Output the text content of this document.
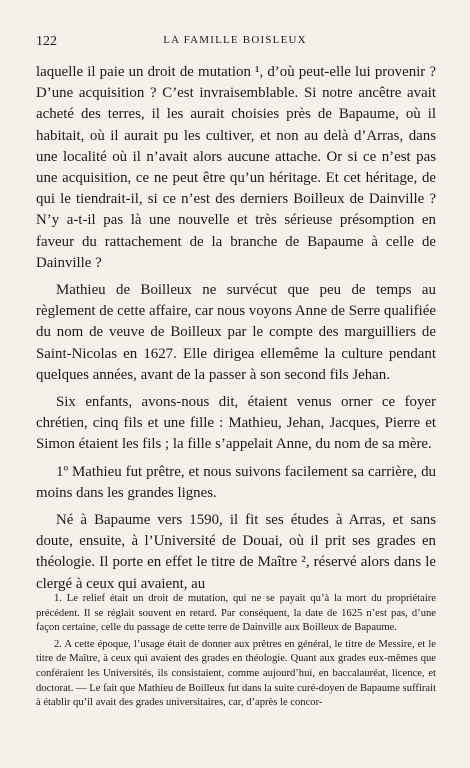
122	LA FAMILLE BOISLEUX

laquelle il paie un droit de mutation ¹, d’où peut-elle lui provenir ? D’une acquisition ? C’est invraisemblable. Si notre ancêtre avait acheté des terres, il les aurait choisies près de Bapaume, où il habitait, où il aurait pu les cultiver, et non au delà d’Arras, dans une localité où il n’avait alors aucune attache. Or si ce n’est pas une acquisition, ce ne peut être qu’un héritage. Et cet héritage, de qui le tiendrait-il, si ce n’est des derniers Boilleux de Dainville ? N’y a-t-il pas là une nouvelle et très sérieuse présomption en faveur du rattachement de la branche de Bapaume à celle de Dainville ?

Mathieu de Boilleux ne survécut que peu de temps au règlement de cette affaire, car nous voyons Anne de Serre qualifiée du nom de veuve de Boilleux par le compte des marguilliers de Saint-Nicolas en 1627. Elle dirigea ellemême la culture pendant quelques années, avant de la passer à son second fils Jehan.

Six enfants, avons-nous dit, étaient venus orner ce foyer chrétien, cinq fils et une fille : Mathieu, Jehan, Jacques, Pierre et Simon étaient les fils ; la fille s’appelait Anne, du nom de sa mère.

1º Mathieu fut prêtre, et nous suivons facilement sa carrière, du moins dans les grandes lignes.

Né à Bapaume vers 1590, il fit ses études à Arras, et sans doute, ensuite, à l’Université de Douai, où il prit ses grades en théologie. Il porte en effet le titre de Maître ², réservé alors dans le clergé à ceux qui avaient, au

1. Le relief était un droit de mutation, qui ne se payait qu’à la mort du propriétaire précédent. Il se réglait souvent en retard. Par conséquent, la date de 1625 n’est pas, d’une façon certaine, celle du passage de cette terre de Dainville aux Boilleux de Bapaume.

2. A cette époque, l’usage était de donner aux prêtres en général, le titre de Messire, et le titre de Maître, à ceux qui avaient des grades en théologie. Quant aux grades eux-mêmes que conféraient les Universités, ils consistaient, comme aujourd’hui, en baccalauréat, licence, et doctorat. — Le fait que Mathieu de Boilleux fut dans la suite curé-doyen de Bapaume suffirait à établir qu’il avait des grades universitaires, car, d’après le concor-
